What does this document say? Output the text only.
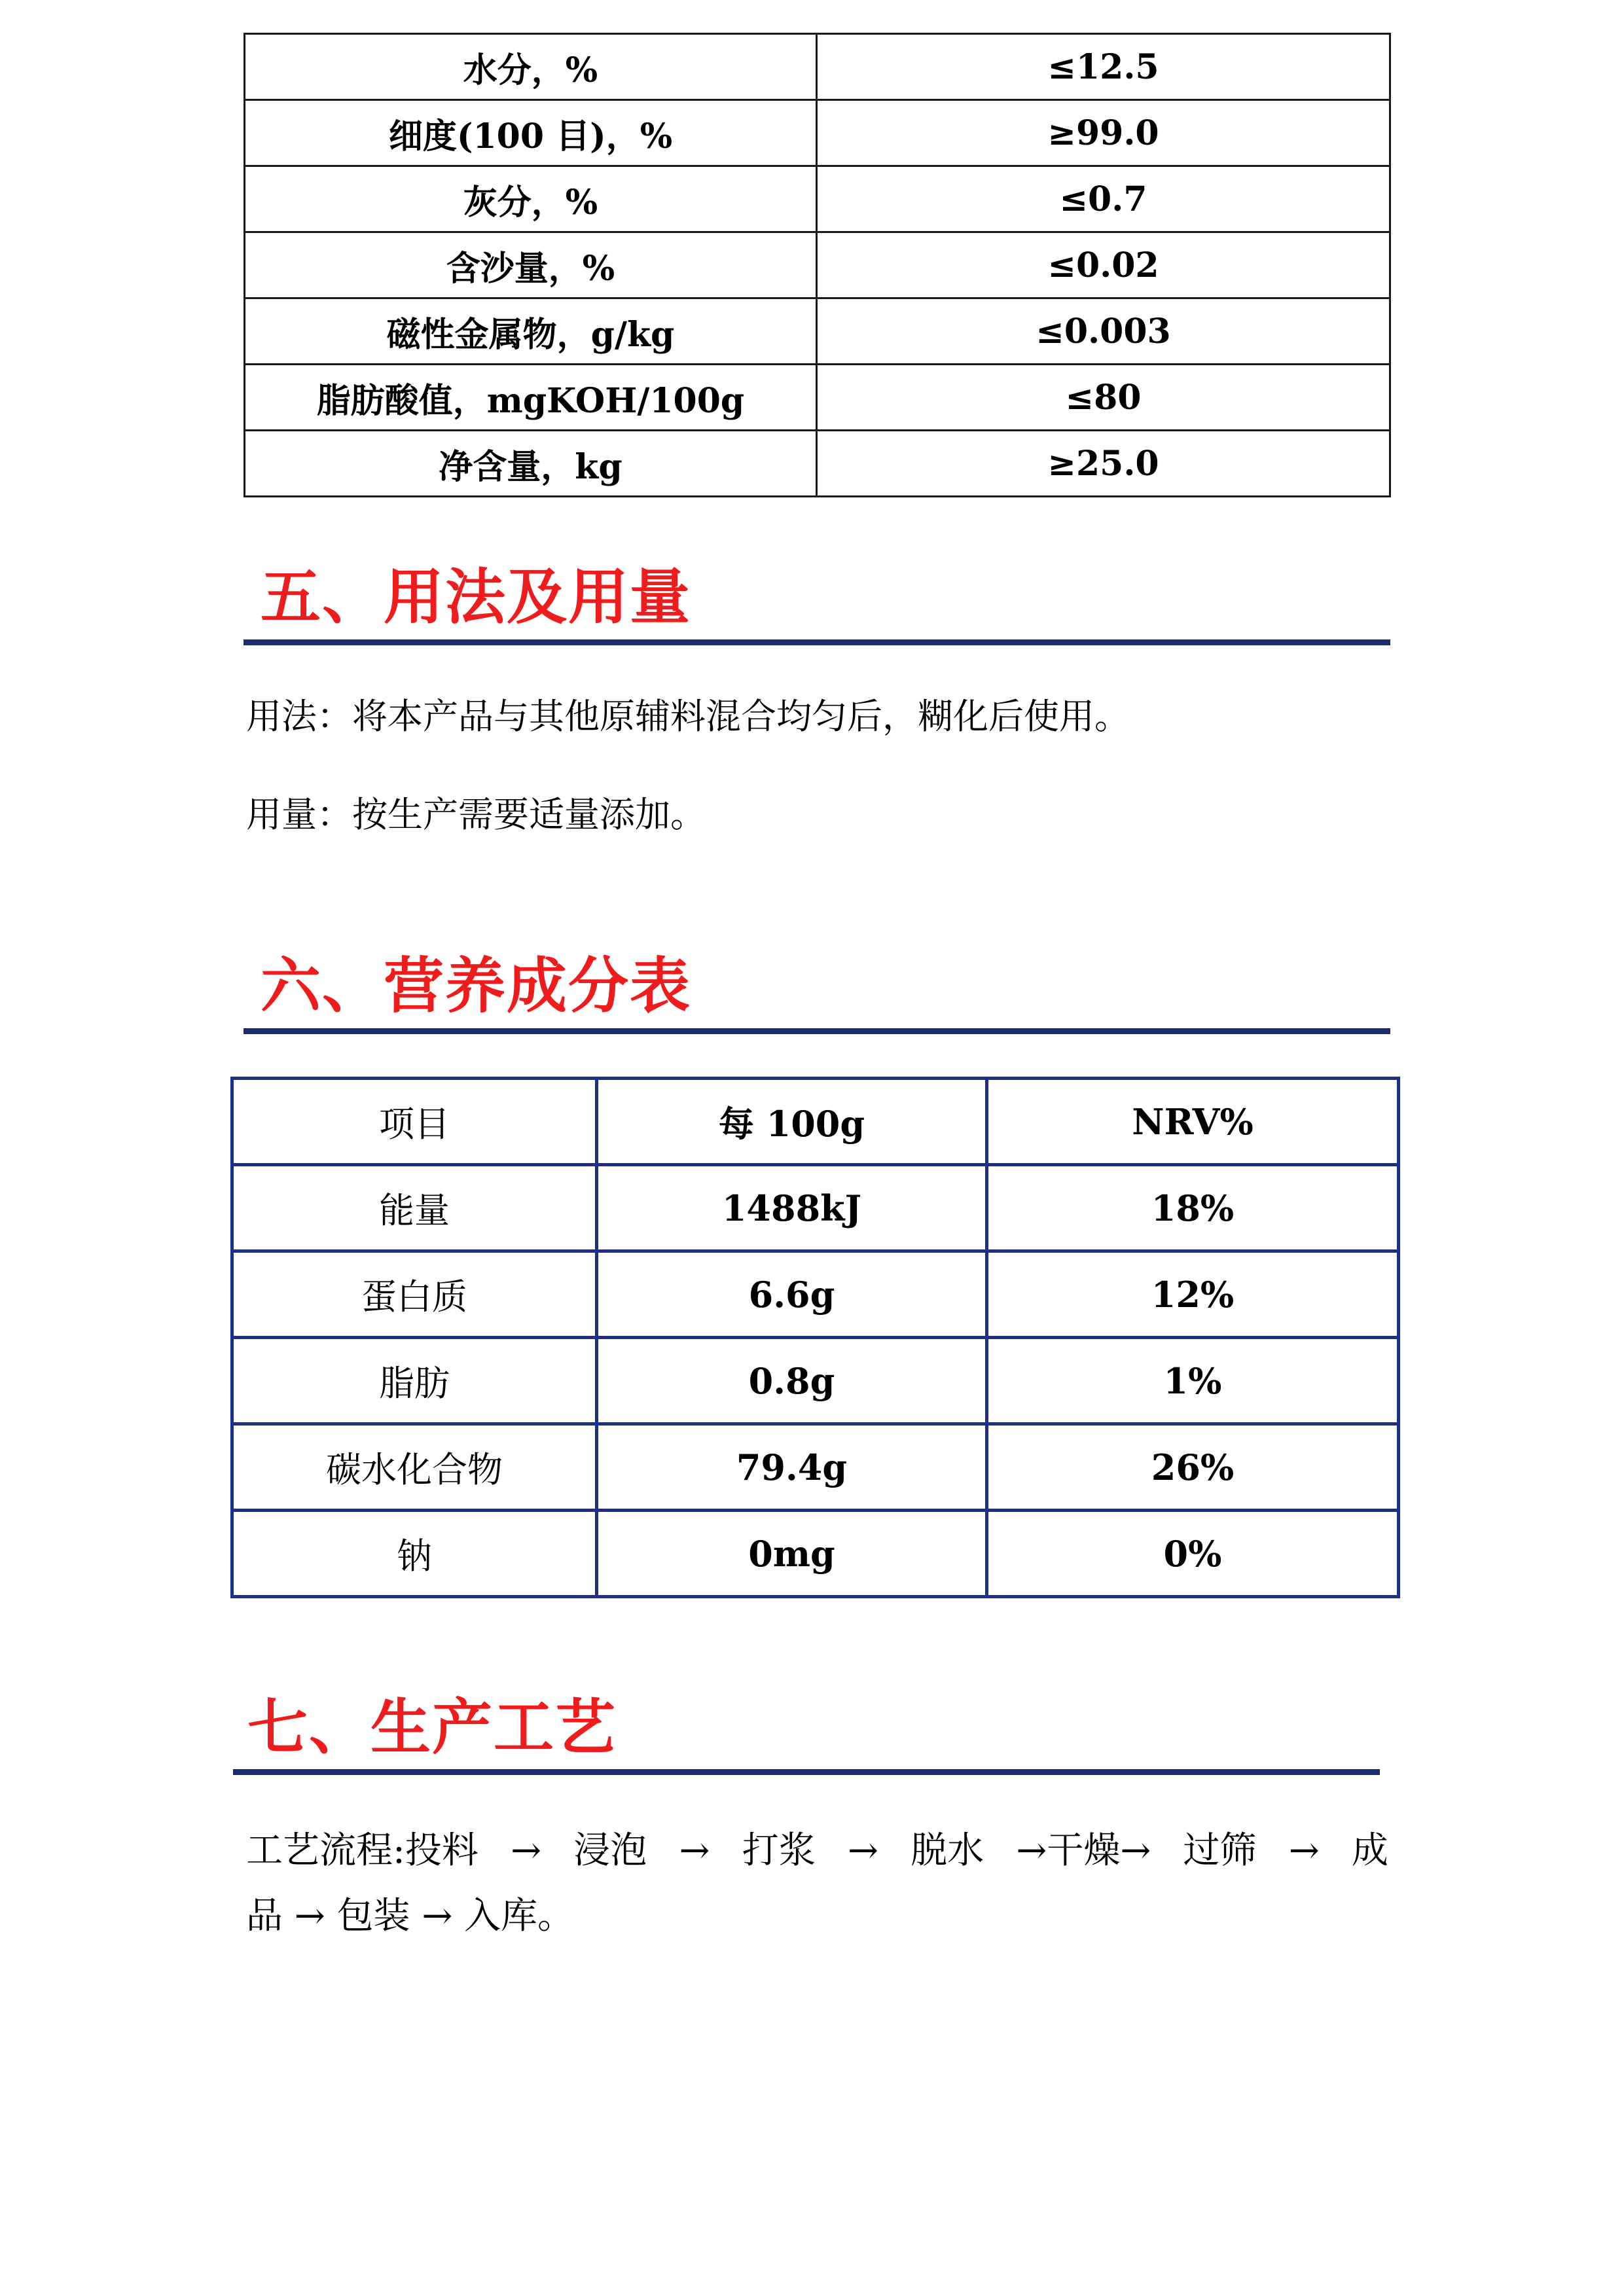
水分，%	≤12.5
细度(100 目)，%	≥99.0
灰分，%	≤0.7
含沙量，%	≤0.02
磁性金属物，g/kg	≤0.003
脂肪酸值，mgKOH/100g	≤80
净含量，kg	≥25.0
五、用法及用量
用法：将本产品与其他原辅料混合均匀后，糊化后使用。
用量：按生产需要适量添加。
六、营养成分表
项目	每 100g	NRV%
能量	1488kJ	18%
蛋白质	6.6g	12%
脂肪	0.8g	1%
碳水化合物	79.4g	26%
钠	0mg	0%
七、生产工艺
工艺流程:投料 → 浸泡 → 打浆 → 脱水 →干燥→ 过筛 → 成
品 → 包装 → 入库。
